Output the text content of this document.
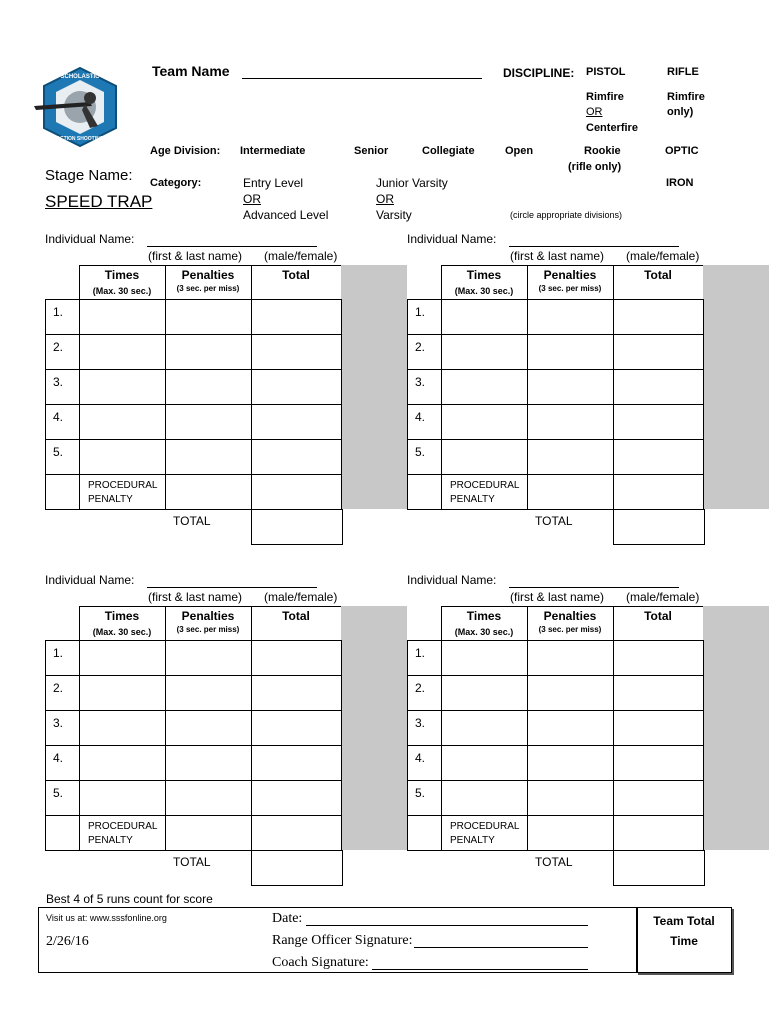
SCHOLASTIC
ACTION SHOOTING
Team Name	DISCIPLINE: PISTOL	RIFLE
Rimfire
OR
Centerfire
Rimfire
only)
Age Division: Intermediate	Senior	Collegiate	Open	Rookie
(rifle only)
OPTIC
Stage Name:
SPEED TRAP
Category:	Entry Level
OR
Advanced Level
Junior Varsity
OR
Varsity
IRON
(circle appropriate divisions)
Individual Name:
(first & last name) (male/female)
Times	Penalties	Total
(Max. 30 sec.)	(3 sec. per miss)
1.
2.
3.
4.
5.
PROCEDURAL
PENALTY
TOTAL
Individual Name:
(first & last name) (male/female)
Times	Penalties	Total
(Max. 30 sec.)	(3 sec. per miss)
1.
2.
3.
4.
5.
PROCEDURAL
PENALTY
TOTAL
Individual Name:
(first & last name) (male/female)
Times	Penalties	Total
(Max. 30 sec.)	(3 sec. per miss)
1.
2.
3.
4.
5.
PROCEDURAL
PENALTY
TOTAL
Individual Name:
(first & last name) (male/female)
Times	Penalties	Total
(Max. 30 sec.)	(3 sec. per miss)
1.
2.
3.
4.
5.
PROCEDURAL
PENALTY
TOTAL
Best 4 of 5 runs count for score
Visit us at: www.sssfonline.org
2/26/16
Date:
Range Officer Signature:
Coach Signature:
Team Total
Time
